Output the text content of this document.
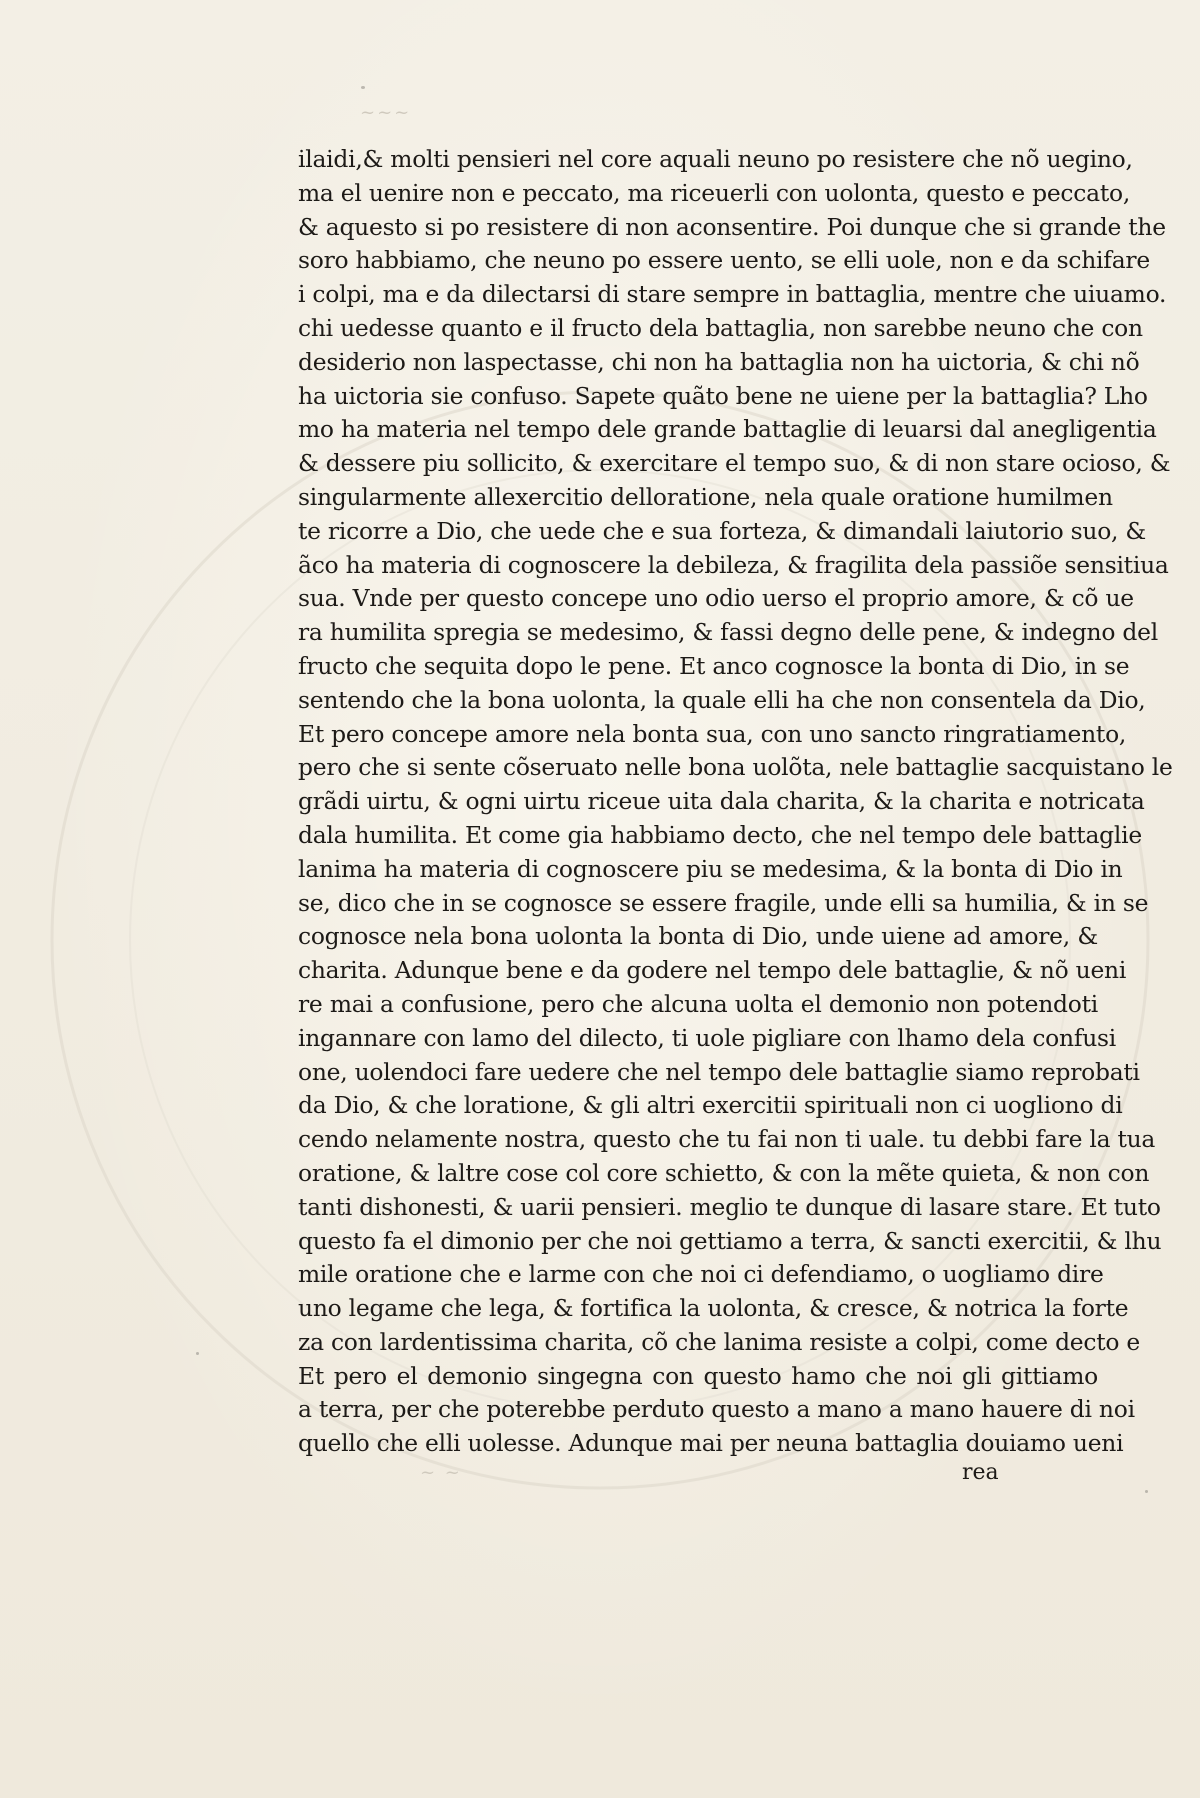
~~~
~ ~
ilaidi,& molti pensieri nel core aquali neuno po resistere che nõ uegino,
ma el uenire non e peccato, ma riceuerli con uolonta, questo e peccato,
& aquesto si po resistere di non aconsentire. Poi dunque che si grande the
soro habbiamo, che neuno po essere uento, se elli uole, non e da schifare
i colpi, ma e da dilectarsi di stare sempre in battaglia, mentre che uiuamo.
chi uedesse quanto e il fructo dela battaglia, non sarebbe neuno che con
desiderio non laspectasse, chi non ha battaglia non ha uictoria, & chi nõ
ha uictoria sie confuso. Sapete quãto bene ne uiene per la battaglia? Lho
mo ha materia nel tempo dele grande battaglie di leuarsi dal anegligentia
& dessere piu sollicito, & exercitare el tempo suo, & di non stare ocioso, &
singularmente allexercitio delloratione, nela quale oratione humilmen
te ricorre a Dio, che uede che e sua forteza, & dimandali laiutorio suo, &
ãco ha materia di cognoscere la debileza, & fragilita dela passiõe sensitiua
sua. Vnde per questo concepe uno odio uerso el proprio amore, & cõ ue
ra humilita spregia se medesimo, & fassi degno delle pene, & indegno del
fructo che sequita dopo le pene. Et anco cognosce la bonta di Dio, in se
sentendo che la bona uolonta, la quale elli ha che non consentela da Dio,
Et pero concepe amore nela bonta sua, con uno sancto ringratiamento,
pero che si sente cõseruato nelle bona uolõta, nele battaglie sacquistano le
grãdi uirtu, & ogni uirtu riceue uita dala charita, & la charita e notricata
dala humilita. Et come gia habbiamo decto, che nel tempo dele battaglie
lanima ha materia di cognoscere piu se medesima, & la bonta di Dio in
se, dico che in se cognosce se essere fragile, unde elli sa humilia, & in se
cognosce nela bona uolonta la bonta di Dio, unde uiene ad amore, &
charita. Adunque bene e da godere nel tempo dele battaglie, & nõ ueni
re mai a confusione, pero che alcuna uolta el demonio non potendoti
ingannare con lamo del dilecto, ti uole pigliare con lhamo dela confusi
one, uolendoci fare uedere che nel tempo dele battaglie siamo reprobati
da Dio, & che loratione, & gli altri exercitii spirituali non ci uogliono di
cendo nelamente nostra, questo che tu fai non ti uale. tu debbi fare la tua
oratione, & laltre cose col core schietto, & con la mẽte quieta, & non con
tanti dishonesti, & uarii pensieri. meglio te dunque di lasare stare. Et tuto
questo fa el dimonio per che noi gettiamo a terra, & sancti exercitii, & lhu
mile oratione che e larme con che noi ci defendiamo, o uogliamo dire
uno legame che lega, & fortifica la uolonta, & cresce, & notrica la forte
za con lardentissima charita, cõ che lanima resiste a colpi, come decto e
Et pero el demonio singegna con questo hamo che noi gli gittiamo
a terra, per che poterebbe perduto questo a mano a mano hauere di noi
quello che elli uolesse. Adunque mai per neuna battaglia douiamo ueni
rea
